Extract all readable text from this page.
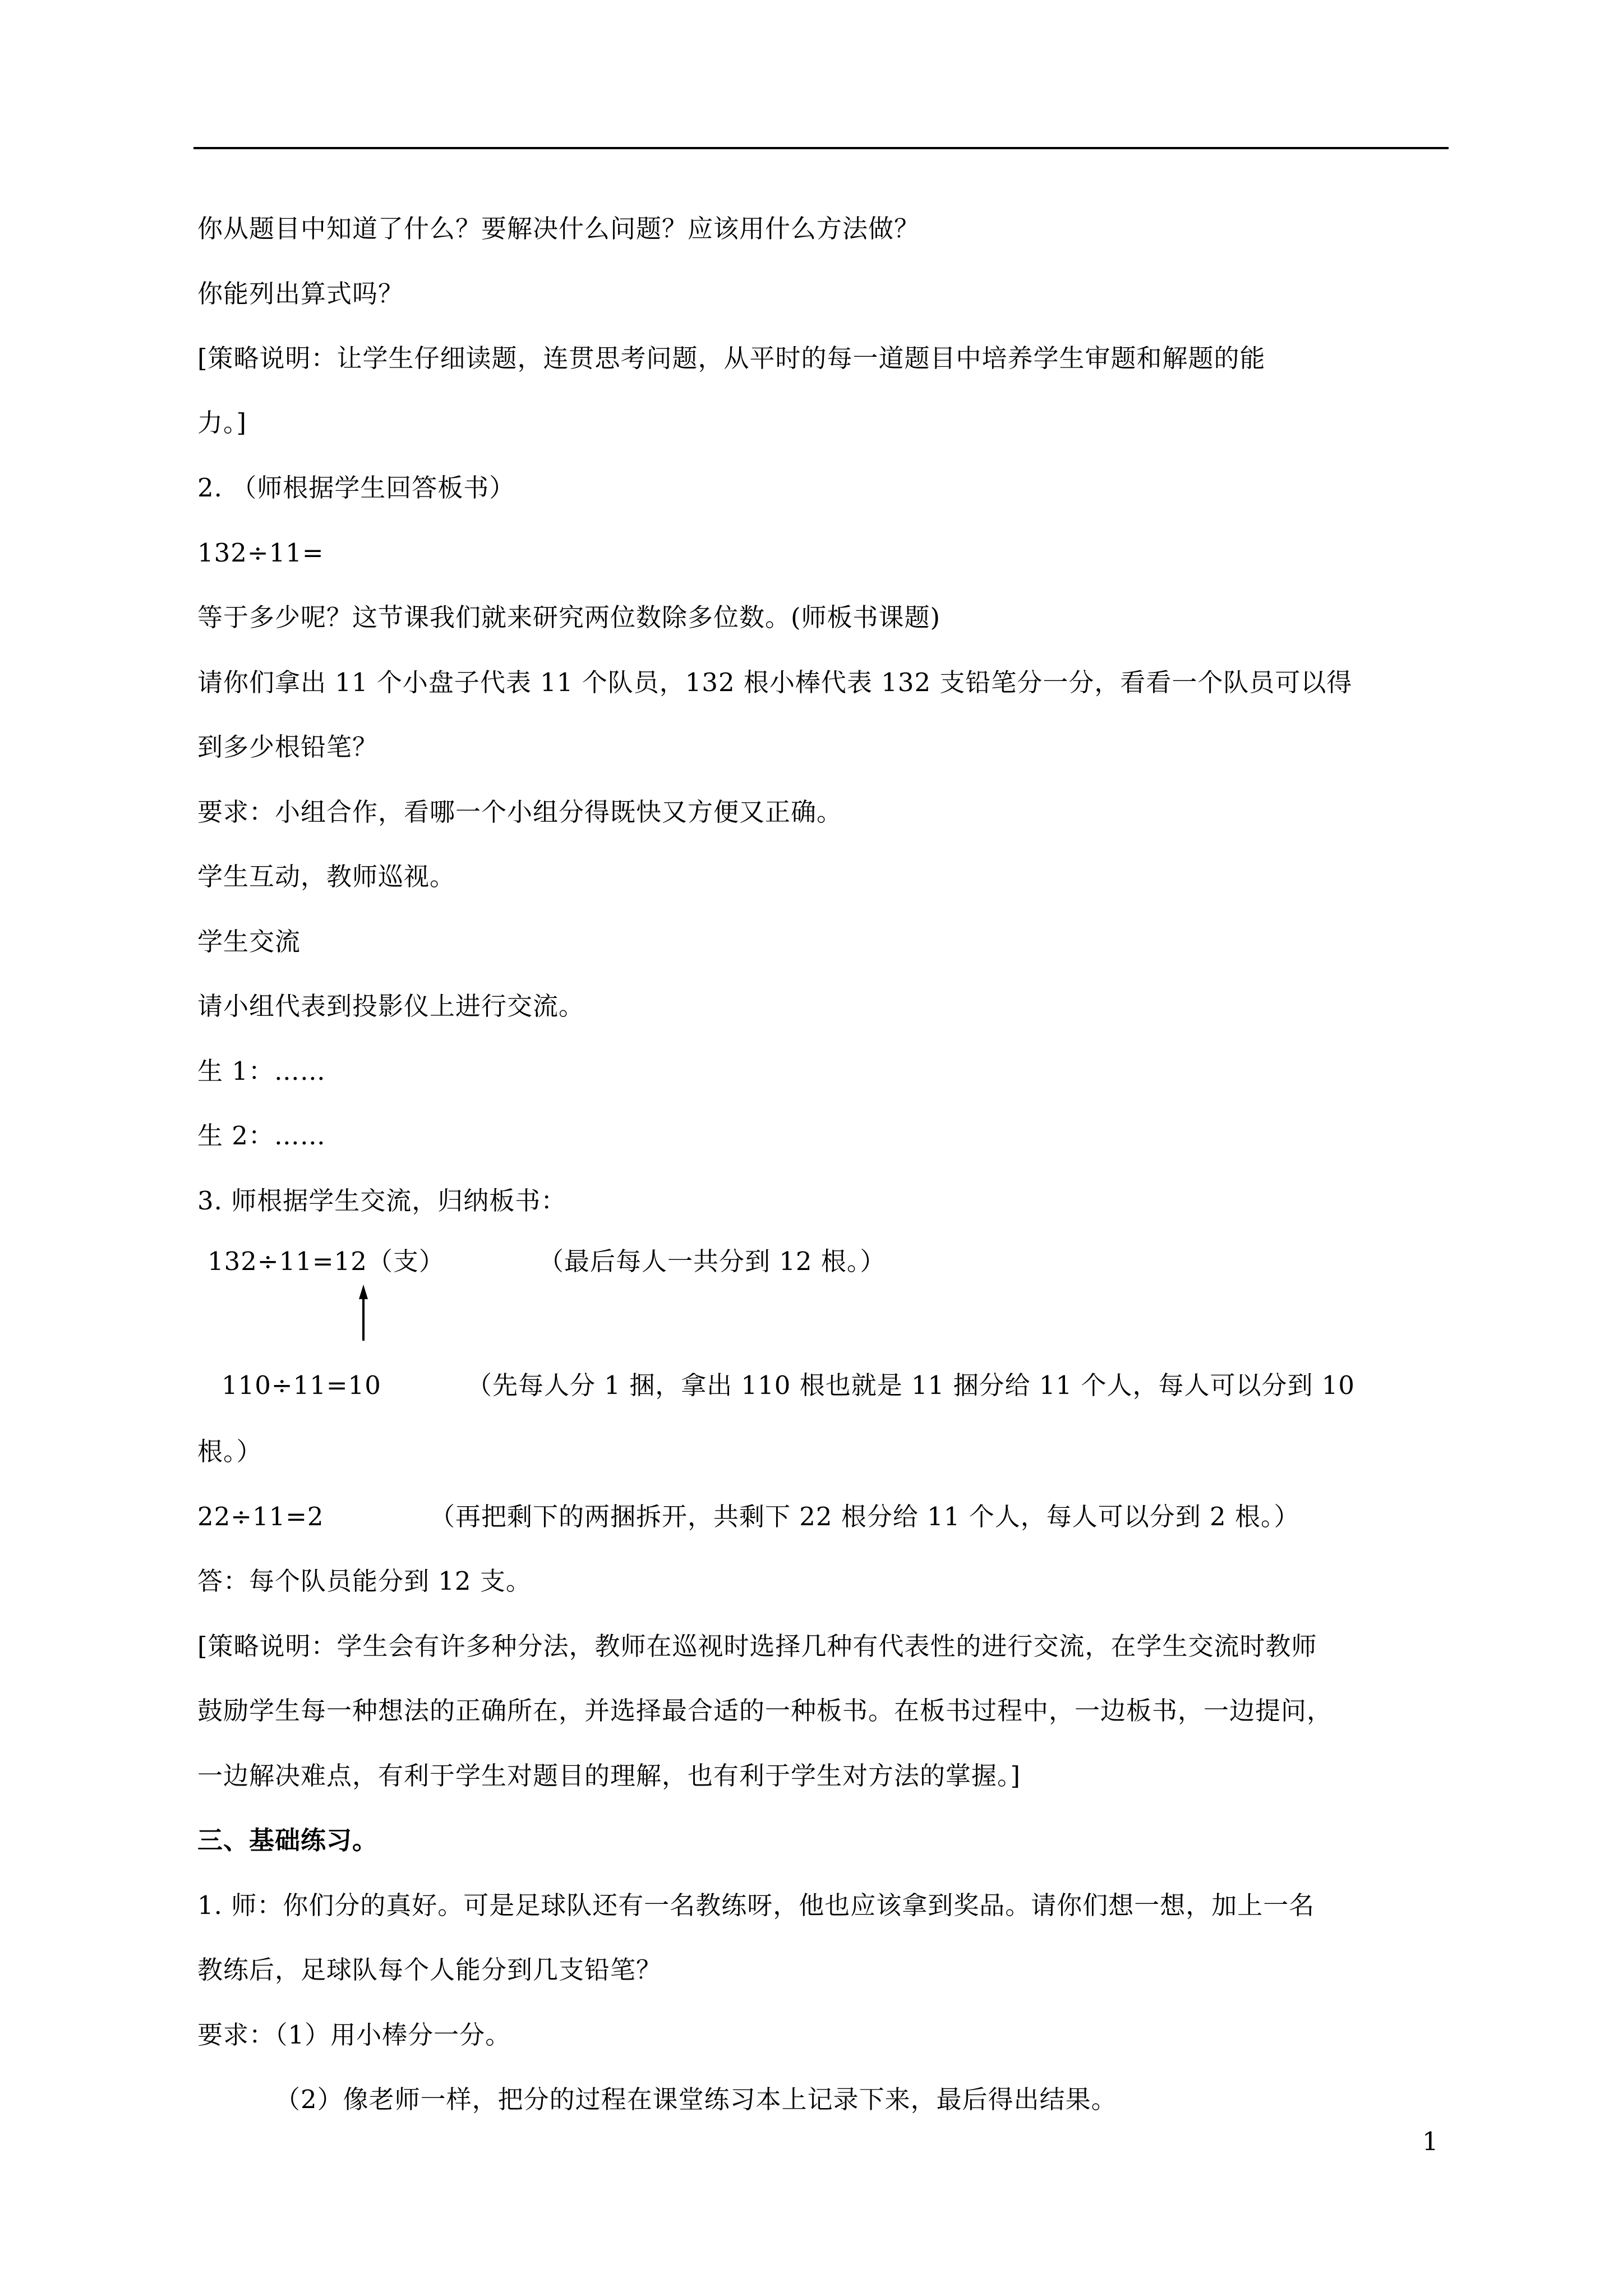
你从题目中知道了什么？要解决什么问题？应该用什么方法做？

你能列出算式吗？

[策略说明：让学生仔细读题，连贯思考问题，从平时的每一道题目中培养学生审题和解题的能

力。]

2. （师根据学生回答板书）

132÷11=

等于多少呢？这节课我们就来研究两位数除多位数。(师板书课题)

请你们拿出 11 个小盘子代表 11 个队员，132 根小棒代表 132 支铅笔分一分，看看一个队员可以得

到多少根铅笔？

要求：小组合作，看哪一个小组分得既快又方便又正确。

学生互动，教师巡视。

学生交流

请小组代表到投影仪上进行交流。

生 1：……

生 2：……

3. 师根据学生交流，归纳板书：

132÷11=12（支）	（最后每人一共分到 12 根。）

110÷11=10	（先每人分 1 捆，拿出 110 根也就是 11 捆分给 11 个人，每人可以分到 10

根。）

22÷11=2	（再把剩下的两捆拆开，共剩下 22 根分给 11 个人，每人可以分到 2 根。）

答：每个队员能分到 12 支。

[策略说明：学生会有许多种分法，教师在巡视时选择几种有代表性的进行交流，在学生交流时教师

鼓励学生每一种想法的正确所在，并选择最合适的一种板书。在板书过程中，一边板书，一边提问，

一边解决难点，有利于学生对题目的理解，也有利于学生对方法的掌握。]

三、基础练习。

1. 师：你们分的真好。可是足球队还有一名教练呀，他也应该拿到奖品。请你们想一想，加上一名

教练后，足球队每个人能分到几支铅笔？

要求：（1）用小棒分一分。

（2）像老师一样，把分的过程在课堂练习本上记录下来，最后得出结果。

1
